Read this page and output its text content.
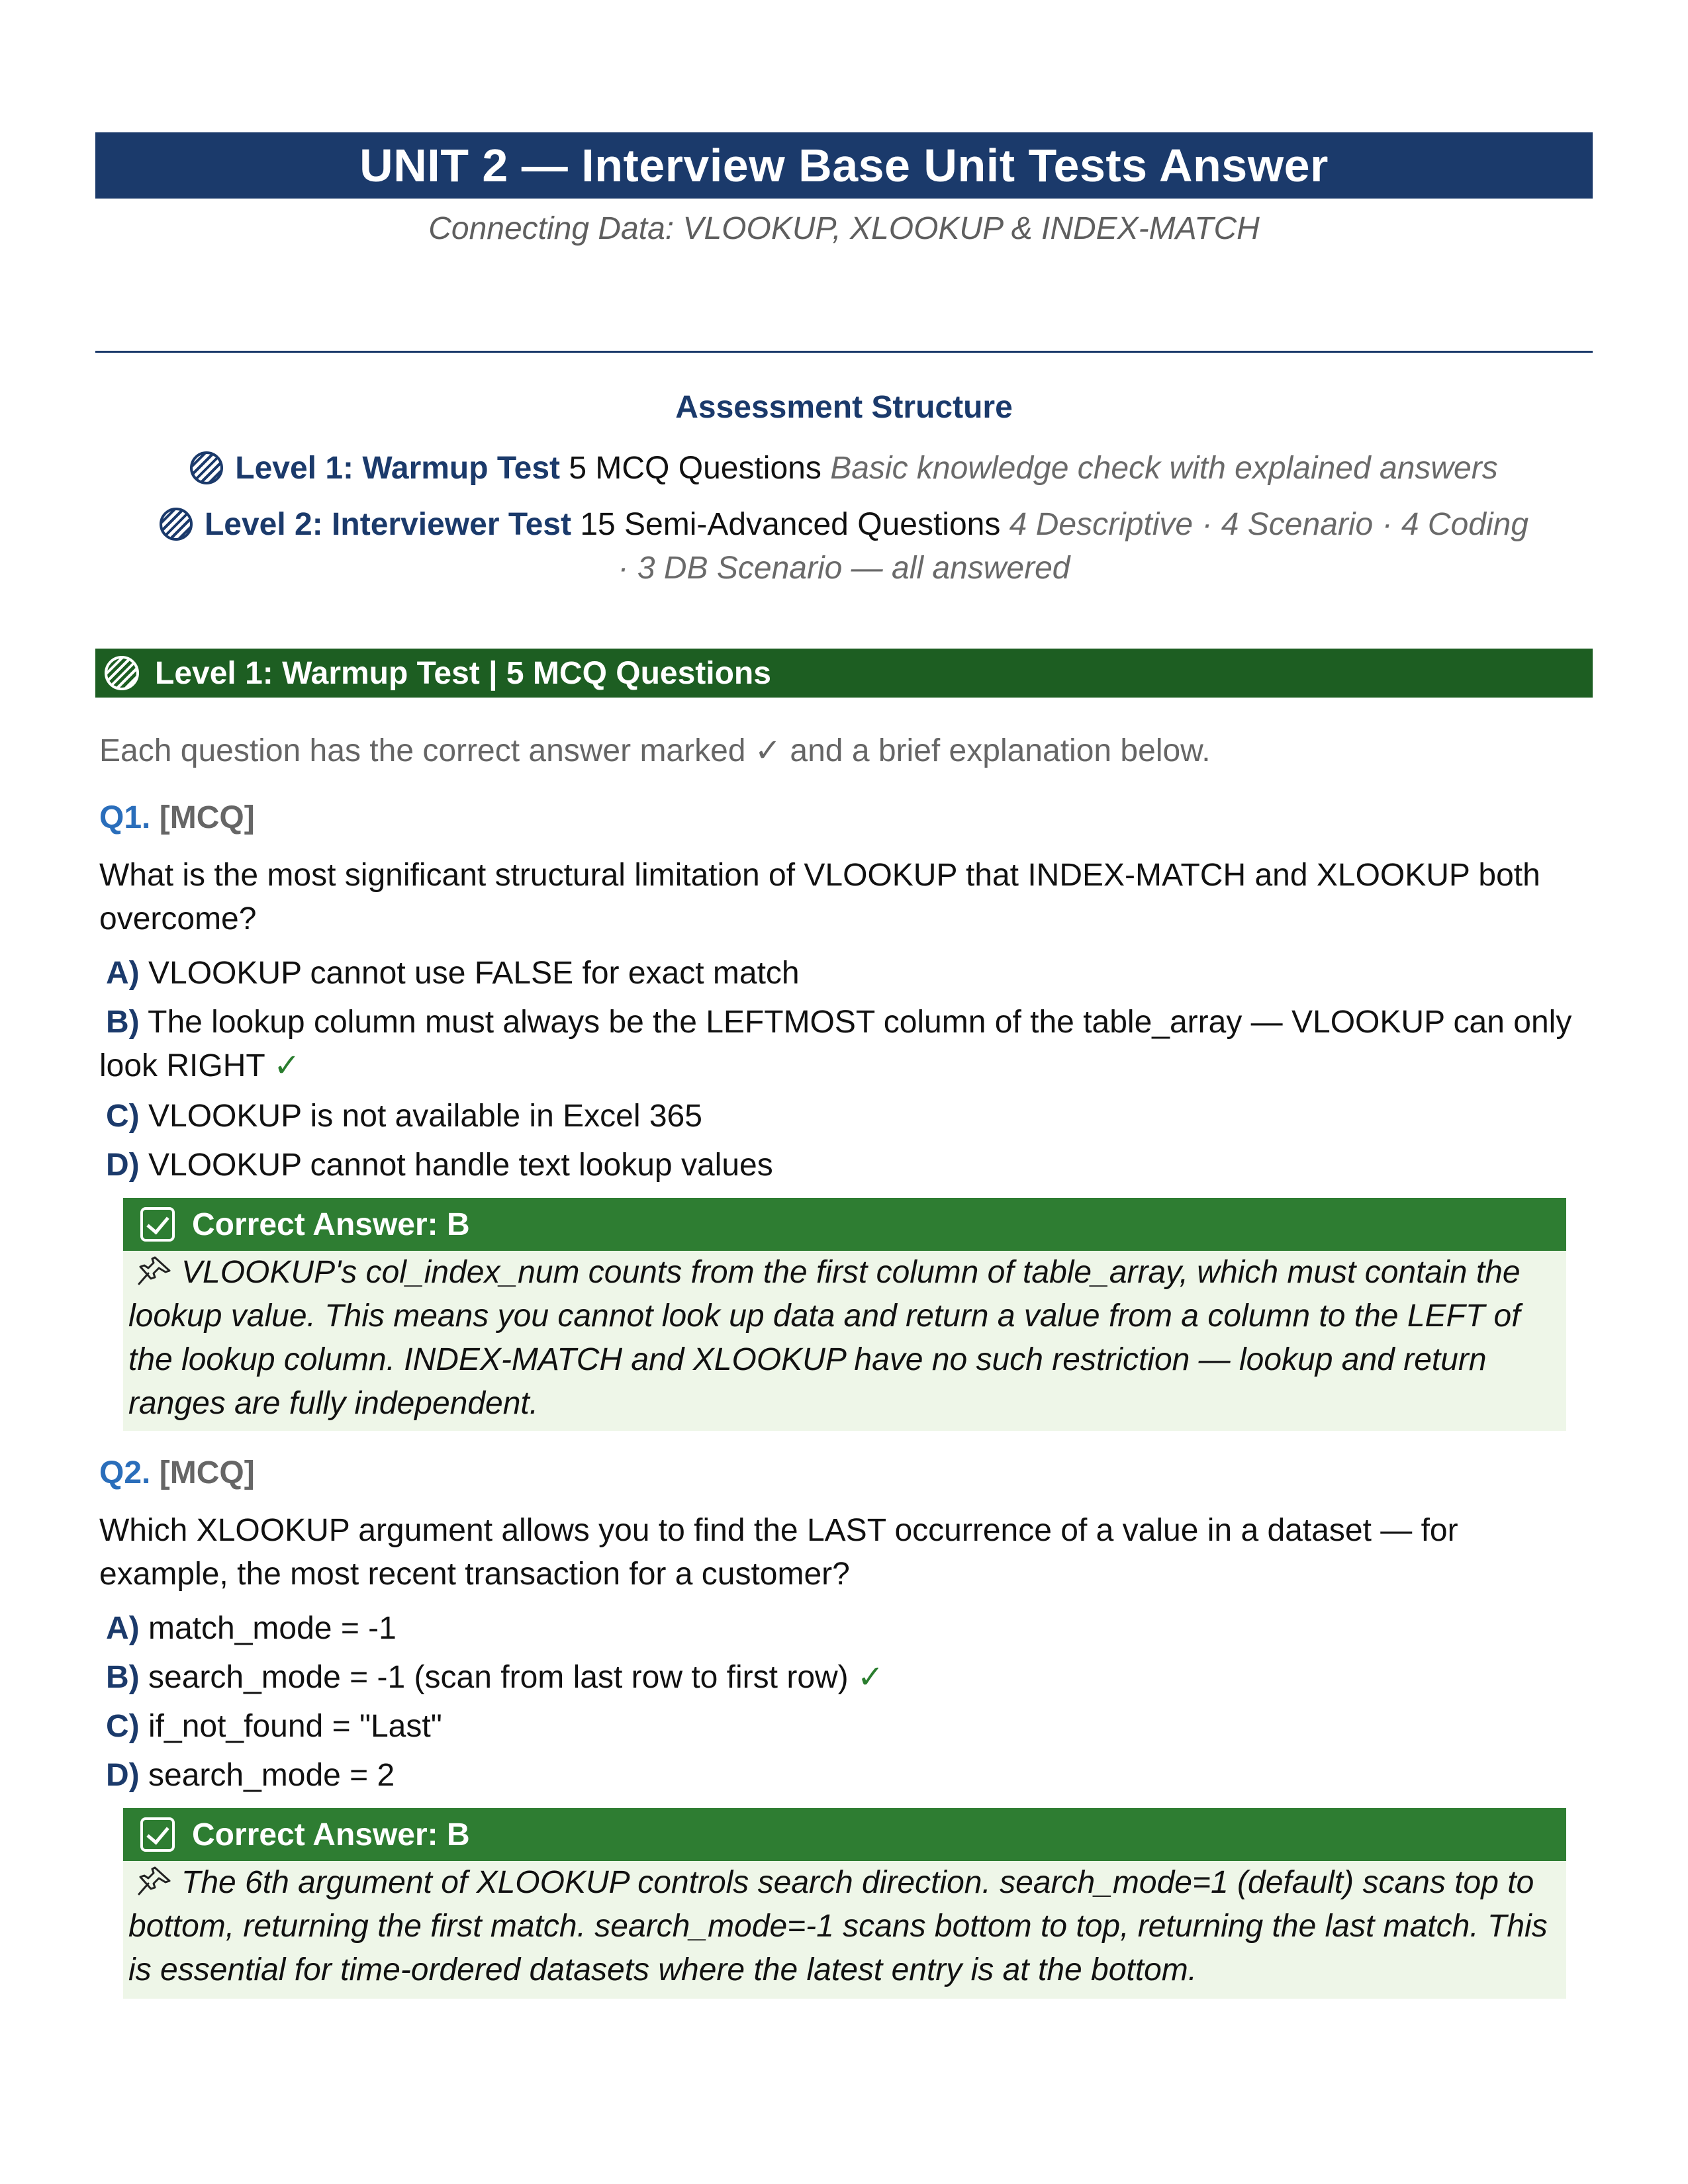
UNIT 2 — Interview Base Unit Tests Answer
Connecting Data: VLOOKUP, XLOOKUP & INDEX-MATCH
Assessment Structure
Level 1: Warmup Test 5 MCQ Questions Basic knowledge check with explained answers
Level 2: Interviewer Test 15 Semi-Advanced Questions 4 Descriptive · 4 Scenario · 4 Coding
· 3 DB Scenario — all answered
Level 1: Warmup Test | 5 MCQ Questions
Each question has the correct answer marked ✓ and a brief explanation below.
Q1. [MCQ]
What is the most significant structural limitation of VLOOKUP that INDEX-MATCH and XLOOKUP both overcome?
A) VLOOKUP cannot use FALSE for exact match
B) The lookup column must always be the LEFTMOST column of the table_array — VLOOKUP can only look RIGHT ✓
C) VLOOKUP is not available in Excel 365
D) VLOOKUP cannot handle text lookup values
Correct Answer: B
VLOOKUP's col_index_num counts from the first column of table_array, which must contain the lookup value. This means you cannot look up data and return a value from a column to the LEFT of the lookup column. INDEX-MATCH and XLOOKUP have no such restriction — lookup and return ranges are fully independent.
Q2. [MCQ]
Which XLOOKUP argument allows you to find the LAST occurrence of a value in a dataset — for example, the most recent transaction for a customer?
A) match_mode = -1
B) search_mode = -1 (scan from last row to first row) ✓
C) if_not_found = "Last"
D) search_mode = 2
Correct Answer: B
The 6th argument of XLOOKUP controls search direction. search_mode=1 (default) scans top to bottom, returning the first match. search_mode=-1 scans bottom to top, returning the last match. This is essential for time-ordered datasets where the latest entry is at the bottom.
